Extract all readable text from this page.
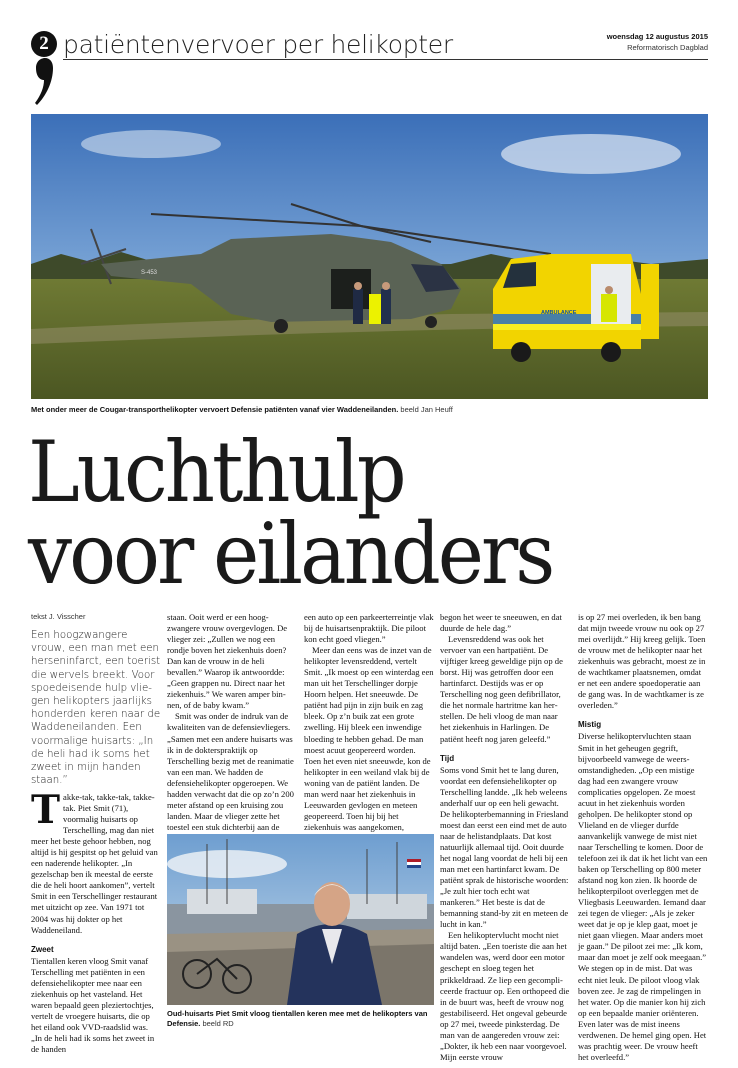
2 patiëntenvervoer per helikopter	woensdag 12 augustus 2015
Reformatorisch Dagblad
S-453
AMBULANCE
Met onder meer de Cougar-transporthelikopter vervoert Defensie patiënten vanaf vier Waddeneilanden. beeld Jan Heuff
Luchthulp
voor eilanders
tekst J. Visscher
Een hoogzwangere vrouw, een man met een herseninfarct, een toerist die wervels breekt. Voor spoedeisende hulp vliegen helikopters jaarlijks honderden keren naar de Waddeneilanden. Een voormalige huisarts: „In de heli had ik soms het zweet in mijn handen staan.”

Takke-tak, takke-tak, takke-tak. Piet Smit (71), voormalig huisarts op Terschelling, mag dan niet meer het beste gehoor hebben, nog altijd is hij gespitst op het geluid van een naderende helikopter. „In gezelschap ben ik meestal de eerste die de heli hoort aankomen”, vertelt Smit in een Terschellinger restaurant met uitzicht op zee. Van 1971 tot 2004 was hij dokter op het Waddeneiland.

Zweet

Tientallen keren vloog Smit vanaf Terschelling met patiënten in een defensiehelikopter mee naar een ziekenhuis op het vasteland. Het waren bepaald geen pleziertochtjes, vertelt de vroegere huisarts, die op het eiland ook VVD-raadslid was. „In de heli had ik soms het zweet in de handen

staan. Ooit werd er een hoogzwangere vrouw overgevlogen. De vlieger zei: „Zullen we nog een rondje boven het ziekenhuis doen? Dan kan de vrouw in de heli bevallen.” Waarop ik antwoordde: „Geen grappen nu. Direct naar het ziekenhuis.” We waren amper binnen, of de baby kwam.”

Smit was onder de indruk van de kwaliteiten van de defensievliegers. „Samen met een andere huisarts was ik in de dokterspraktijk op Terschelling bezig met de reanimatie van een man. We hadden de defensiehelikopter opgeroepen. We hadden verwacht dat die op zo’n 200 meter afstand op een kruising zou landen. Maar de vlieger zette het toestel een stuk dichterbij aan de

een auto op een parkeerterreintje vlak bij de huisartsenpraktijk. Die piloot kon echt goed vliegen.”

Meer dan eens was de inzet van de helikopter levensreddend, vertelt Smit. „Ik moest op een winterdag een man uit het Terschellinger dorpje Hoorn helpen. Het sneeuwde. De patiënt had pijn in zijn buik en zag bleek. Op z’n buik zat een grote zwelling. Hij bleek een inwendige bloeding te hebben gehad. De man moest acuut geopereerd worden. Toen het even niet sneeuwde, kon de helikopter in een weiland vlak bij de woning van de patiënt landen. De man werd naar het ziekenhuis in Leeuwarden gevlogen en meteen geopereerd. Toen hij bij het ziekenhuis was aangekomen,

Oud-huisarts Piet Smit vloog tientallen keren mee met de helikopters van Defensie. beeld RD

begon het weer te sneeuwen, en dat duurde de hele dag.”

Levensreddend was ook het vervoer van een hartpatiënt. De vijftiger kreeg geweldige pijn op de borst. Hij was getroffen door een hartinfarct. Destijds was er op Terschelling nog geen defibrillator, die het normale hartritme kan herstellen. De heli vloog de man naar het ziekenhuis in Harlingen. De patiënt heeft nog jaren geleefd.”

Tijd

Soms vond Smit het te lang duren, voordat een defensiehelikopter op Terschelling landde. „Ik heb weleens anderhalf uur op een heli gewacht. De helikopterbemanning in Friesland moest dan eerst een eind met de auto naar de helistandplaats. Dat kost natuurlijk allemaal tijd. Ooit duurde het nogal lang voordat de heli bij een man met een hartinfarct kwam. De patiënt sprak de historische woorden: „Je zult hier toch echt wat mankeren.” Het beste is dat de bemanning stand-by zit en meteen de lucht in kan.”

Een helikoptervlucht mocht niet altijd baten. „Een toeriste die aan het wandelen was, werd door een motor geschept en sloeg tegen het prikkeldraad. Ze liep een gecompliceerde fractuur op. Een orthopeed die in de buurt was, heeft de vrouw nog gestabiliseerd. Het ongeval gebeurde op 27 mei, tweede pinksterdag. De man van de aangereden vrouw zei: „Dokter, ik heb een naar voorgevoel. Mijn eerste vrouw

is op 27 mei overleden, ik ben bang dat mijn tweede vrouw nu ook op 27 mei overlijdt.” Hij kreeg gelijk. Toen de vrouw met de helikopter naar het ziekenhuis was gebracht, moest ze in de wachtkamer plaatsnemen, omdat er net een andere spoedoperatie aan de gang was. In de wachtkamer is ze overleden.”

Mistig

Diverse helikoptervluchten staan Smit in het geheugen gegrift, bijvoorbeeld vanwege de weersomstandigheden. „Op een mistige dag had een zwangere vrouw complicaties opgelopen. Ze moest acuut in het ziekenhuis worden geholpen. De helikopter stond op Vlieland en de vlieger durfde aanvankelijk vanwege de mist niet naar Terschelling te komen. Door de telefoon zei ik dat ik het licht van een baken op Terschelling op 800 meter afstand nog kon zien. Ik hoorde de helikopterpiloot overleggen met de Vliegbasis Leeuwarden. Iemand daar zei tegen de vlieger: „Als je zeker weet dat je op je klep gaat, moet je niet gaan vliegen. Maar anders moet je gaan.” De piloot zei me: „Ik kom, maar dan moet je zelf ook meegaan.” We stegen op in de mist. Dat was echt niet leuk. De piloot vloog vlak boven zee. Je zag de rimpelingen in het water. Op die manier kon hij zich op een bepaalde manier oriënteren. Even later was de mist ineens verdwenen. De hemel ging open. Het was prachtig weer. De vrouw heeft het overleefd.”
